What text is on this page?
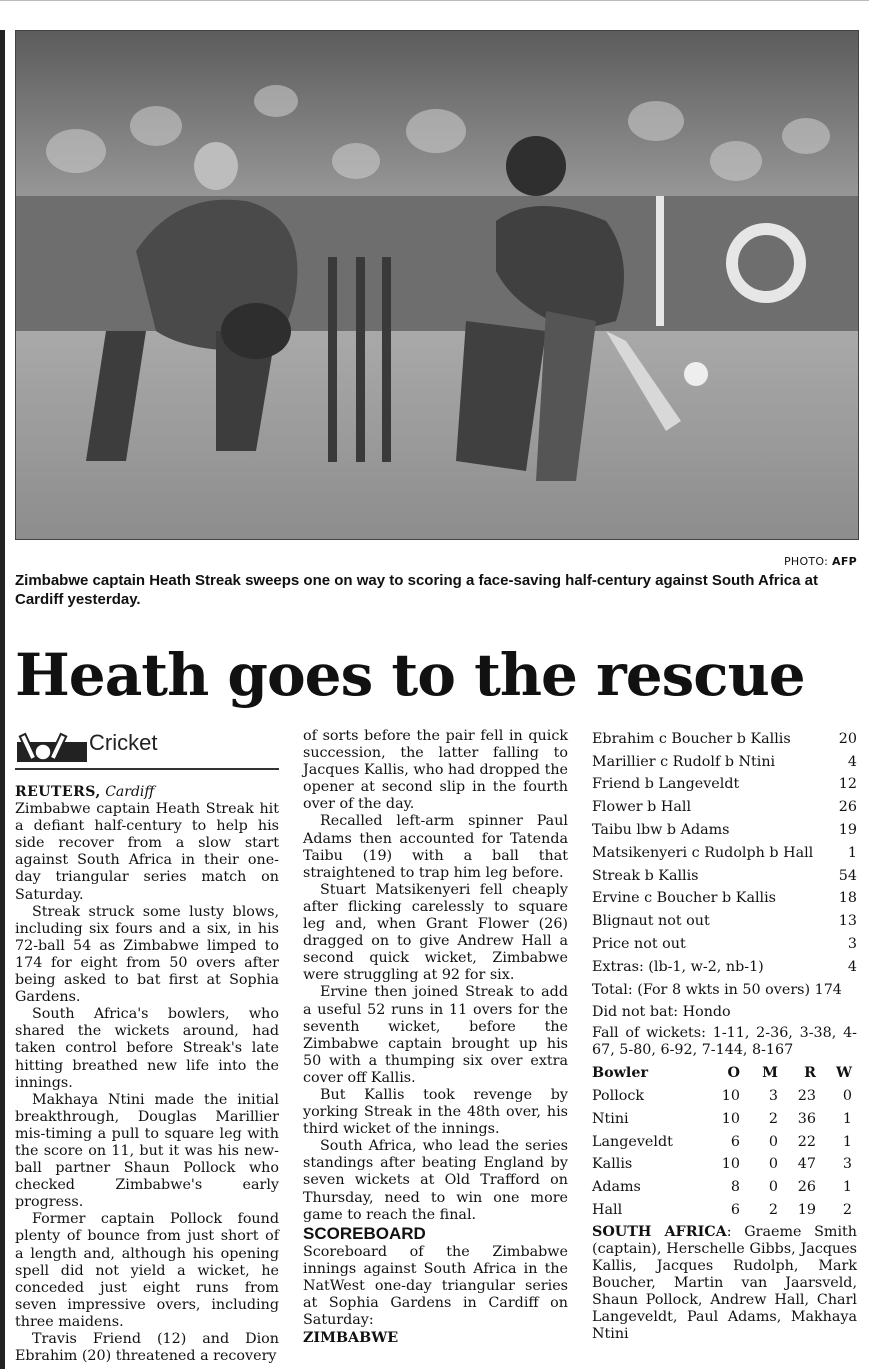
PHOTO: AFP
Zimbabwe captain Heath Streak sweeps one on way to scoring a face-saving half-century against South Africa at Cardiff yesterday.
Heath goes to the rescue
Cricket

REUTERS, Cardiff

Zimbabwe captain Heath Streak hit a defiant half-century to help his side recover from a slow start against South Africa in their one-day triangular series match on Saturday.

Streak struck some lusty blows, including six fours and a six, in his 72-ball 54 as Zimbabwe limped to 174 for eight from 50 overs after being asked to bat first at Sophia Gardens.

South Africa's bowlers, who shared the wickets around, had taken control before Streak's late hitting breathed new life into the innings.

Makhaya Ntini made the initial breakthrough, Douglas Marillier mis-timing a pull to square leg with the score on 11, but it was his new-ball partner Shaun Pollock who checked Zimbabwe's early progress.

Former captain Pollock found plenty of bounce from just short of a length and, although his opening spell did not yield a wicket, he conceded just eight runs from seven impressive overs, including three maidens.

Travis Friend (12) and Dion Ebrahim (20) threatened a recovery

of sorts before the pair fell in quick succession, the latter falling to Jacques Kallis, who had dropped the opener at second slip in the fourth over of the day.

Recalled left-arm spinner Paul Adams then accounted for Tatenda Taibu (19) with a ball that straightened to trap him leg before.

Stuart Matsikenyeri fell cheaply after flicking carelessly to square leg and, when Grant Flower (26) dragged on to give Andrew Hall a second quick wicket, Zimbabwe were struggling at 92 for six.

Ervine then joined Streak to add a useful 52 runs in 11 overs for the seventh wicket, before the Zimbabwe captain brought up his 50 with a thumping six over extra cover off Kallis.

But Kallis took revenge by yorking Streak in the 48th over, his third wicket of the innings.

South Africa, who lead the series standings after beating England by seven wickets at Old Trafford on Thursday, need to win one more game to reach the final.

SCOREBOARD

Scoreboard of the Zimbabwe innings against South Africa in the NatWest one-day triangular series at Sophia Gardens in Cardiff on Saturday:

ZIMBABWE

Ebrahim c Boucher b Kallis	20
Marillier c Rudolf b Ntini	4
Friend b Langeveldt	12
Flower b Hall	26
Taibu lbw b Adams	19
Matsikenyeri c Rudolph b Hall	1
Streak b Kallis	54
Ervine c Boucher b Kallis	18
Blignaut not out	13
Price not out	3
Extras: (lb-1, w-2, nb-1)	4
Total: (For 8 wkts in 50 overs) 174
Did not bat: Hondo
Fall of wickets: 1-11, 2-36, 3-38, 4-67, 5-80, 6-92, 7-144, 8-167
Bowler	O	M	R	W
Pollock	10	3	23	0
Ntini	10	2	36	1
Langeveldt	6	0	22	1
Kallis	10	0	47	3
Adams	8	0	26	1
Hall	6	2	19	2
SOUTH AFRICA: Graeme Smith (captain), Herschelle Gibbs, Jacques Kallis, Jacques Rudolph, Mark Boucher, Martin van Jaarsveld, Shaun Pollock, Andrew Hall, Charl Langeveldt, Paul Adams, Makhaya Ntini
